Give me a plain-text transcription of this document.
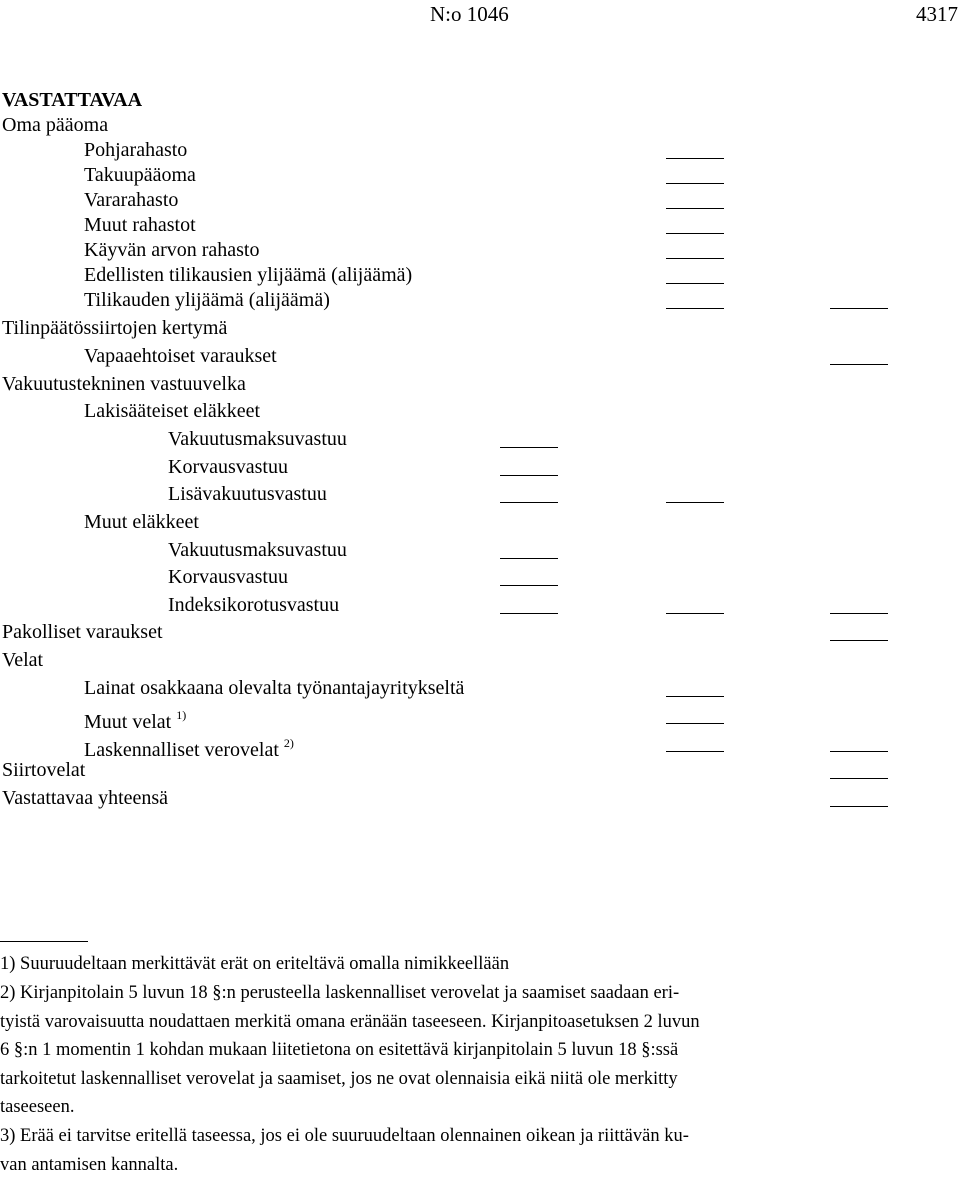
N:o 1046	4317
VASTATTAVAA
Oma pääoma
Pohjarahasto
Takuupääoma
Vararahasto
Muut rahastot
Käyvän arvon rahasto
Edellisten tilikausien ylijäämä (alijäämä)
Tilikauden ylijäämä (alijäämä)
Tilinpäätössiirtojen kertymä
Vapaaehtoiset varaukset
Vakuutustekninen vastuuvelka
Lakisääteiset eläkkeet
Vakuutusmaksuvastuu
Korvausvastuu
Lisävakuutusvastuu
Muut eläkkeet
Vakuutusmaksuvastuu
Korvausvastuu
Indeksikorotusvastuu
Pakolliset varaukset
Velat
Lainat osakkaana olevalta työnantajayritykseltä
Muut velat $^{1)}$
Laskennalliset verovelat $^{2)}$
Siirtovelat
Vastattavaa yhteensä

1) Suuruudeltaan merkittävät erät on eriteltävä omalla nimikkeellään

2) Kirjanpitolain 5 luvun 18 §:n perusteella laskennalliset verovelat ja saamiset saadaan eri-

tyistä varovaisuutta noudattaen merkitä omana eränään taseeseen. Kirjanpitoasetuksen 2 luvun

6 §:n 1 momentin 1 kohdan mukaan liitetietona on esitettävä kirjanpitolain 5 luvun 18 §:ssä

tarkoitetut laskennalliset verovelat ja saamiset, jos ne ovat olennaisia eikä niitä ole merkitty

taseeseen.

3) Erää ei tarvitse eritellä taseessa, jos ei ole suuruudeltaan olennainen oikean ja riittävän ku-

van antamisen kannalta.
